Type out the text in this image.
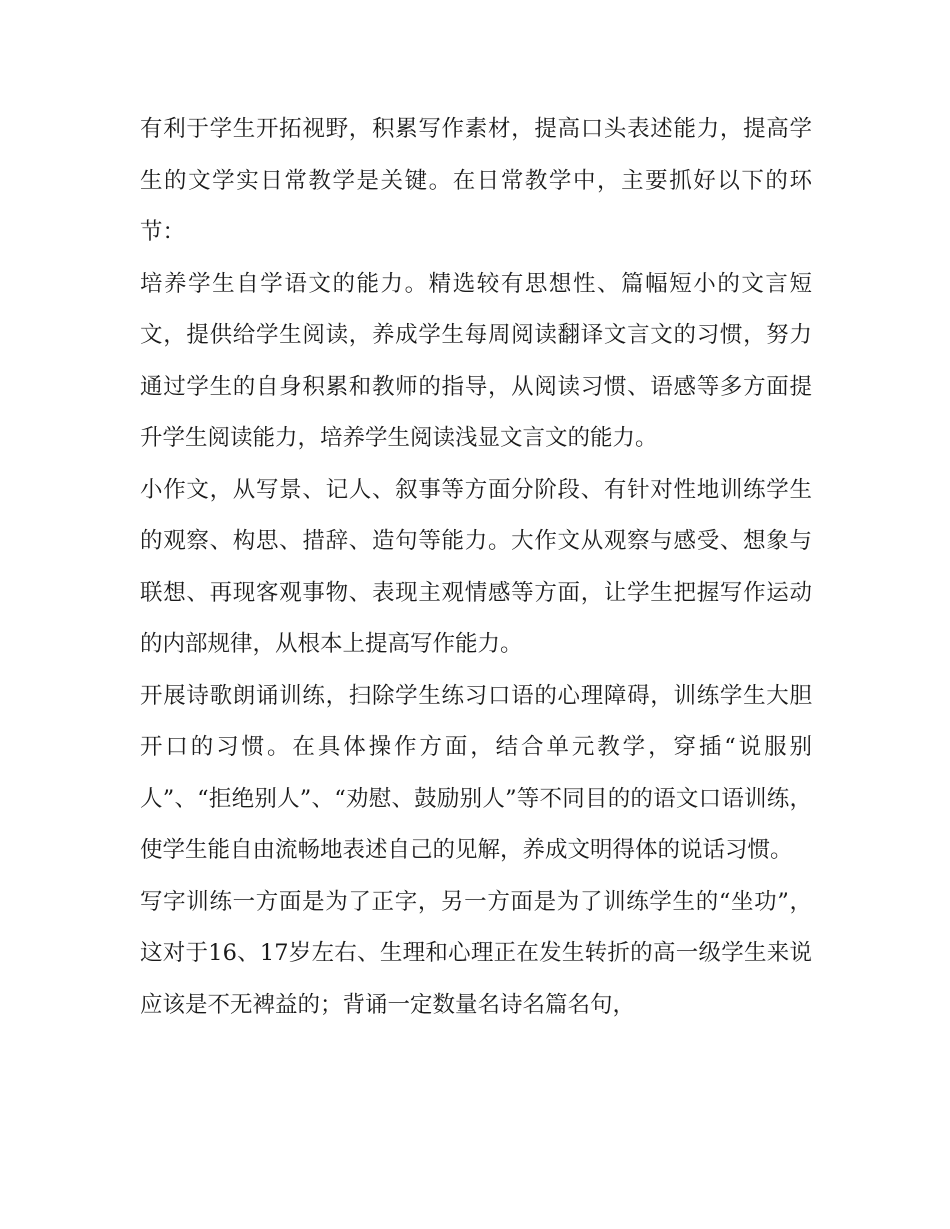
有利于学生开拓视野，积累写作素材，提高口头表述能力，提高学生的文学实日常教学是关键。在日常教学中，主要抓好以下的环节：

培养学生自学语文的能力。精选较有思想性、篇幅短小的文言短文，提供给学生阅读，养成学生每周阅读翻译文言文的习惯，努力通过学生的自身积累和教师的指导，从阅读习惯、语感等多方面提升学生阅读能力，培养学生阅读浅显文言文的能力。

小作文，从写景、记人、叙事等方面分阶段、有针对性地训练学生的观察、构思、措辞、造句等能力。大作文从观察与感受、想象与联想、再现客观事物、表现主观情感等方面，让学生把握写作运动的内部规律，从根本上提高写作能力。

开展诗歌朗诵训练，扫除学生练习口语的心理障碍，训练学生大胆开口的习惯。在具体操作方面，结合单元教学，穿插“说服别人”、“拒绝别人”、“劝慰、鼓励别人”等不同目的的语文口语训练，使学生能自由流畅地表述自己的见解，养成文明得体的说话习惯。

写字训练一方面是为了正字，另一方面是为了训练学生的“坐功”，这对于16、17岁左右、生理和心理正在发生转折的高一级学生来说应该是不无裨益的；背诵一定数量名诗名篇名句，
